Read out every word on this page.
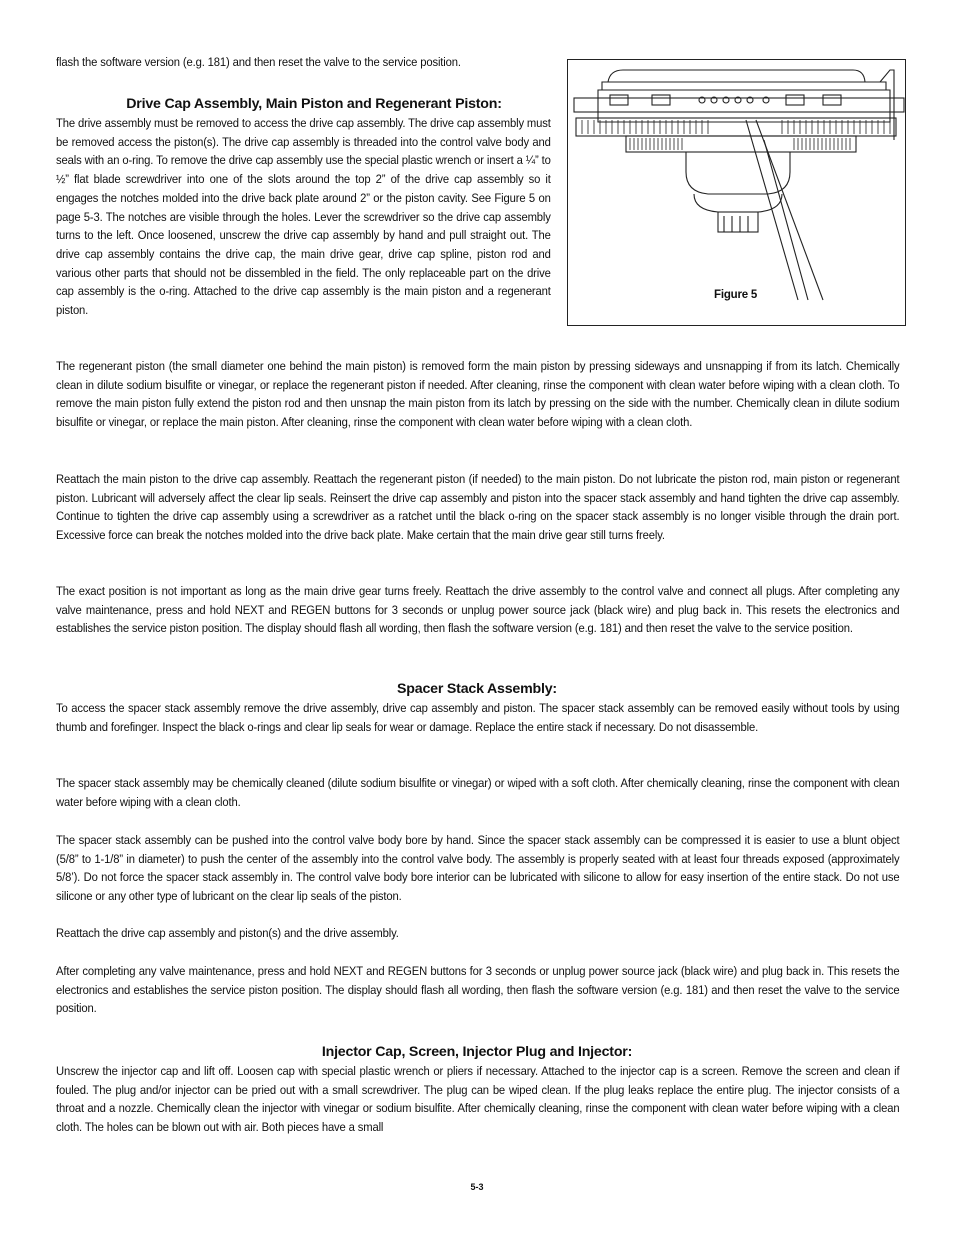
flash the software version (e.g. 181) and then reset the valve to the service position.
Drive Cap Assembly, Main Piston and Regenerant Piston:
The drive assembly must be removed to access the drive cap assembly. The drive cap assembly must be removed access the piston(s). The drive cap assembly is threaded into the control valve body and seals with an o-ring. To remove the drive cap assembly use the special plastic wrench or insert a ¼” to ½” flat blade screwdriver into one of the slots around the top 2” of the drive cap assembly so it engages the notches molded into the drive back plate around 2” or the piston cavity. See Figure 5 on page 5-3. The notches are visible through the holes. Lever the screwdriver so the drive cap assembly turns to the left. Once loosened, unscrew the drive cap assembly by hand and pull straight out. The drive cap assembly contains the drive cap, the main drive gear, drive cap spline, piston rod and various other parts that should not be dissembled in the field. The only replaceable part on the drive cap assembly is the o-ring. Attached to the drive cap assembly is the main piston and a regenerant piston.
Figure 5
The regenerant piston (the small diameter one behind the main piston) is removed form the main piston by pressing sideways and unsnapping if from its latch. Chemically clean in dilute sodium bisulfite or vinegar, or replace the regenerant piston if needed. After cleaning, rinse the component with clean water before wiping with a clean cloth. To remove the main piston fully extend the piston rod and then unsnap the main piston from its latch by pressing on the side with the number. Chemically clean in dilute sodium bisulfite or vinegar, or replace the main piston. After cleaning, rinse the component with clean water before wiping with a clean cloth.
Reattach the main piston to the drive cap assembly. Reattach the regenerant piston (if needed) to the main piston. Do not lubricate the piston rod, main piston or regenerant piston. Lubricant will adversely affect the clear lip seals. Reinsert the drive cap assembly and piston into the spacer stack assembly and hand tighten the drive cap assembly. Continue to tighten the drive cap assembly using a screwdriver as a ratchet until the black o-ring on the spacer stack assembly is no longer visible through the drain port. Excessive force can break the notches molded into the drive back plate. Make certain that the main drive gear still turns freely.
The exact position is not important as long as the main drive gear turns freely. Reattach the drive assembly to the control valve and connect all plugs. After completing any valve maintenance, press and hold NEXT and REGEN buttons for 3 seconds or unplug power source jack (black wire) and plug back in. This resets the electronics and establishes the service piston position. The display should flash all wording, then flash the software version (e.g. 181) and then reset the valve to the service position.
Spacer Stack Assembly:
To access the spacer stack assembly remove the drive assembly, drive cap assembly and piston. The spacer stack assembly can be removed easily without tools by using thumb and forefinger. Inspect the black o-rings and clear lip seals for wear or damage. Replace the entire stack if necessary. Do not disassemble.
The spacer stack assembly may be chemically cleaned (dilute sodium bisulfite or vinegar) or wiped with a soft cloth. After chemically cleaning, rinse the component with clean water before wiping with a clean cloth.
The spacer stack assembly can be pushed into the control valve body bore by hand. Since the spacer stack assembly can be compressed it is easier to use a blunt object (5/8” to 1-1/8” in diameter) to push the center of the assembly into the control valve body. The assembly is properly seated with at least four threads exposed (approximately 5/8’). Do not force the spacer stack assembly in. The control valve body bore interior can be lubricated with silicone to allow for easy insertion of the entire stack. Do not use silicone or any other type of lubricant on the clear lip seals of the piston.
Reattach the drive cap assembly and piston(s) and the drive assembly.
After completing any valve maintenance, press and hold NEXT and REGEN buttons for 3 seconds or unplug power source jack (black wire) and plug back in. This resets the electronics and establishes the service piston position. The display should flash all wording, then flash the software version (e.g. 181) and then reset the valve to the service position.
Injector Cap, Screen, Injector Plug and Injector:
Unscrew the injector cap and lift off. Loosen cap with special plastic wrench or pliers if necessary. Attached to the injector cap is a screen. Remove the screen and clean if fouled. The plug and/or injector can be pried out with a small screwdriver. The plug can be wiped clean. If the plug leaks replace the entire plug. The injector consists of a throat and a nozzle. Chemically clean the injector with vinegar or sodium bisulfite. After chemically cleaning, rinse the component with clean water before wiping with a clean cloth. The holes can be blown out with air. Both pieces have a small
5-3
